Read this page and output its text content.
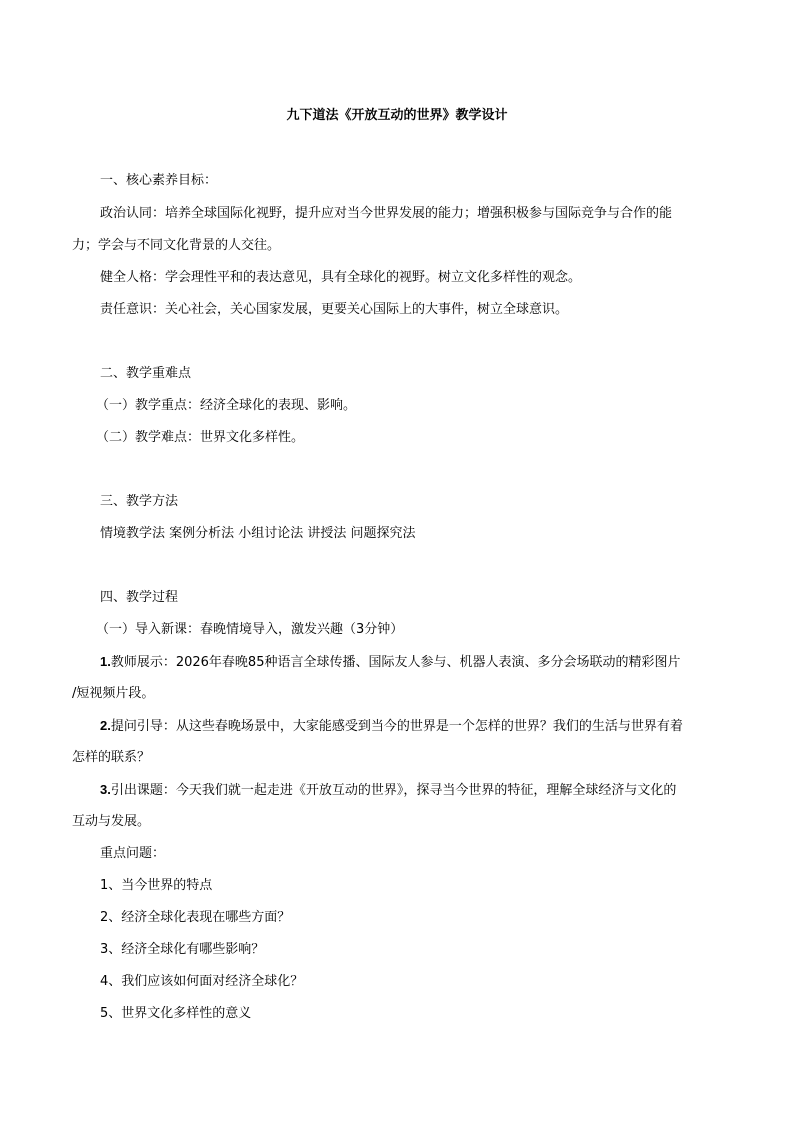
九下道法《开放互动的世界》教学设计
一、核心素养目标：
政治认同：培养全球国际化视野，提升应对当今世界发展的能力；增强积极参与国际竞争与合作的能
力；学会与不同文化背景的人交往。
健全人格：学会理性平和的表达意见，具有全球化的视野。树立文化多样性的观念。
责任意识：关心社会，关心国家发展，更要关心国际上的大事件，树立全球意识。
二、教学重难点
（一）教学重点：经济全球化的表现、影响。
（二）教学难点：世界文化多样性。
三、教学方法
情境教学法 案例分析法 小组讨论法 讲授法 问题探究法
四、教学过程
（一）导入新课：春晚情境导入，激发兴趣（3分钟）
1.教师展示：2026年春晚85种语言全球传播、国际友人参与、机器人表演、多分会场联动的精彩图片
/短视频片段。
2.提问引导：从这些春晚场景中，大家能感受到当今的世界是一个怎样的世界？我们的生活与世界有着
怎样的联系？
3.引出课题：今天我们就一起走进《开放互动的世界》，探寻当今世界的特征，理解全球经济与文化的
互动与发展。
重点问题：
1、当今世界的特点
2、经济全球化表现在哪些方面？
3、经济全球化有哪些影响？
4、我们应该如何面对经济全球化？
5、世界文化多样性的意义
